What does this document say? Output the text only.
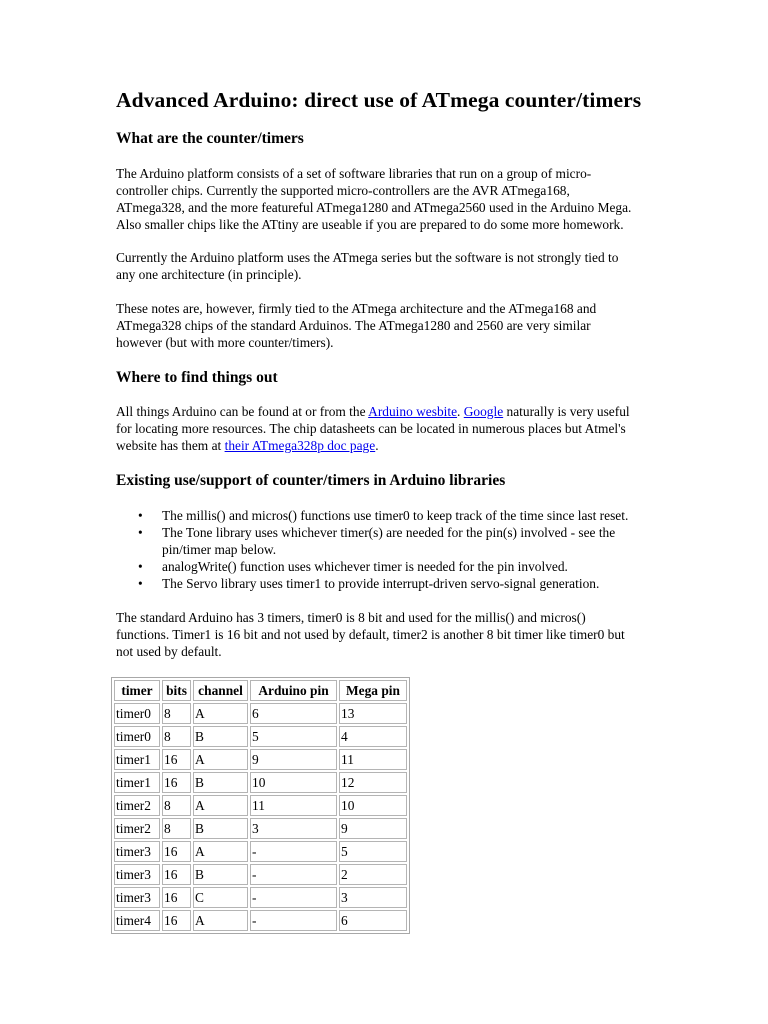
Advanced Arduino: direct use of ATmega counter/timers
What are the counter/timers

The Arduino platform consists of a set of software libraries that run on a group of micro-
controller chips. Currently the supported micro-controllers are the AVR ATmega168,
ATmega328, and the more featureful ATmega1280 and ATmega2560 used in the Arduino Mega.
Also smaller chips like the ATtiny are useable if you are prepared to do some more homework.

Currently the Arduino platform uses the ATmega series but the software is not strongly tied to
any one architecture (in principle).

These notes are, however, firmly tied to the ATmega architecture and the ATmega168 and
ATmega328 chips of the standard Arduinos. The ATmega1280 and 2560 are very similar
however (but with more counter/timers).

Where to find things out

All things Arduino can be found at or from the Arduino wesbite. Google naturally is very useful
for locating more resources. The chip datasheets can be located in numerous places but Atmel's
website has them at their ATmega328p doc page.

Existing use/support of counter/timers in Arduino libraries
• The millis() and micros() functions use timer0 to keep track of the time since last reset.
• The Tone library uses whichever timer(s) are needed for the pin(s) involved - see the
pin/timer map below.
• analogWrite() function uses whichever timer is needed for the pin involved.
• The Servo library uses timer1 to provide interrupt-driven servo-signal generation.

The standard Arduino has 3 timers, timer0 is 8 bit and used for the millis() and micros()
functions. Timer1 is 16 bit and not used by default, timer2 is another 8 bit timer like timer0 but
not used by default.

timer	bits	channel	Arduino pin	Mega pin
timer0	8	A	6	13
timer0	8	B	5	4
timer1	16	A	9	11
timer1	16	B	10	12
timer2	8	A	11	10
timer2	8	B	3	9
timer3	16	A	-	5
timer3	16	B	-	2
timer3	16	C	-	3
timer4	16	A	-	6
